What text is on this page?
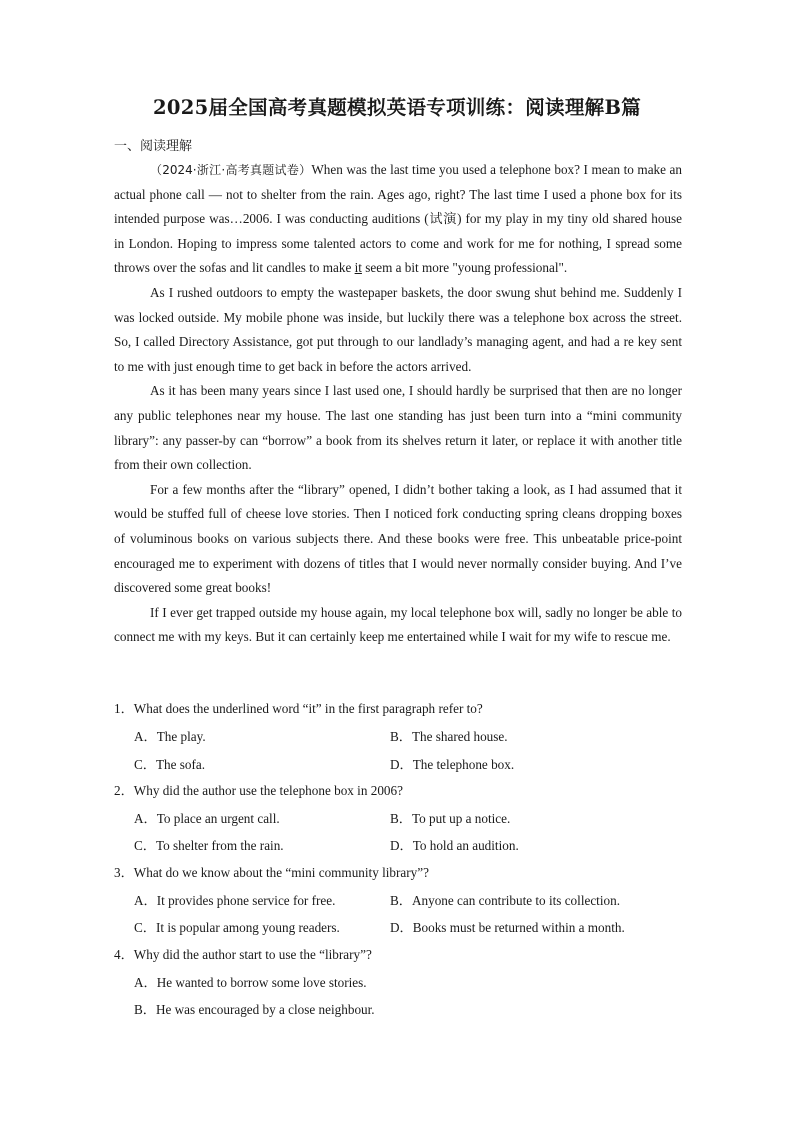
2025届全国高考真题模拟英语专项训练：阅读理解B篇
一、阅读理解

（2024·浙江·高考真题试卷）When was the last time you used a telephone box? I mean to make an actual phone call — not to shelter from the rain. Ages ago, right? The last time I used a phone box for its intended purpose was…2006. I was conducting auditions (试演) for my play in my tiny old shared house in London. Hoping to impress some talented actors to come and work for me for nothing, I spread some throws over the sofas and lit candles to make it seem a bit more "young professional".

As I rushed outdoors to empty the wastepaper baskets, the door swung shut behind me. Suddenly I was locked outside. My mobile phone was inside, but luckily there was a telephone box across the street. So, I called Directory Assistance, got put through to our landlady’s managing agent, and had a re key sent to me with just enough time to get back in before the actors arrived.

As it has been many years since I last used one, I should hardly be surprised that then are no longer any public telephones near my house. The last one standing has just been turn into a “mini community library”: any passer-by can “borrow” a book from its shelves return it later, or replace it with another title from their own collection.

For a few months after the “library” opened, I didn’t bother taking a look, as I had assumed that it would be stuffed full of cheese love stories. Then I noticed fork conducting spring cleans dropping boxes of voluminous books on various subjects there. And these books were free. This unbeatable price-point encouraged me to experiment with dozens of titles that I would never normally consider buying. And I’ve discovered some great books!

If I ever get trapped outside my house again, my local telephone box will, sadly no longer be able to connect me with my keys. But it can certainly keep me entertained while I wait for my wife to rescue me.

1．What does the underlined word “it” in the first paragraph refer to?
A．The play.	B．The shared house.
C．The sofa.	D．The telephone box.
2．Why did the author use the telephone box in 2006?
A．To place an urgent call.	B．To put up a notice.
C．To shelter from the rain.	D．To hold an audition.
3．What do we know about the “mini community library”?
A．It provides phone service for free.	B．Anyone can contribute to its collection.
C．It is popular among young readers.	D．Books must be returned within a month.
4．Why did the author start to use the “library”?
A．He wanted to borrow some love stories.
B．He was encouraged by a close neighbour.
